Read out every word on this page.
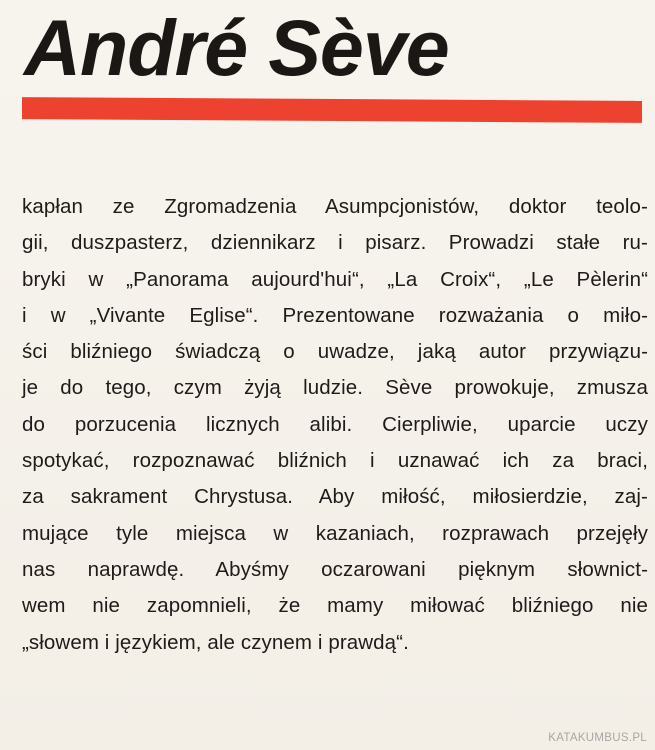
André Sève
kapłan ze Zgromadzenia Asumpcjonistów, doktor teolo-
gii, duszpasterz, dziennikarz i pisarz. Prowadzi stałe ru-
bryki w „Panorama aujourd'hui“, „La Croix“, „Le Pèlerin“
i w „Vivante Eglise“. Prezentowane rozważania o miło-
ści bliźniego świadczą o uwadze, jaką autor przywiązu-
je do tego, czym żyją ludzie. Sève prowokuje, zmusza
do porzucenia licznych alibi. Cierpliwie, uparcie uczy
spotykać, rozpoznawać bliźnich i uznawać ich za braci,
za sakrament Chrystusa. Aby miłość, miłosierdzie, zaj-
mujące tyle miejsca w kazaniach, rozprawach przejęły
nas naprawdę. Abyśmy oczarowani pięknym słownict-
wem nie zapomnieli, że mamy miłować bliźniego nie
„słowem i językiem, ale czynem i prawdą“.
KATAKUMBUS.PL
